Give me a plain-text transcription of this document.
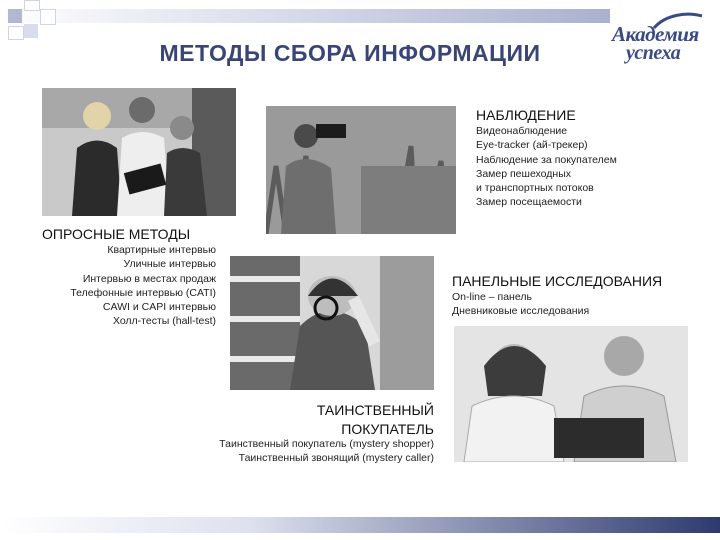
Академия
успеха
МЕТОДЫ СБОРА ИНФОРМАЦИИ
НАБЛЮДЕНИЕ
Видеонаблюдение
Eye-tracker (ай-трекер)
Наблюдение за покупателем
Замер пешеходных
и транспортных потоков
Замер посещаемости
ОПРОСНЫЕ МЕТОДЫ
Квартирные интервью
Уличные интервью
Интервью в местах продаж
Телефонные интервью (CATI)
CAWI и CAPI интервью
Холл-тесты (hall-test)
ПАНЕЛЬНЫЕ ИССЛЕДОВАНИЯ
On-line – панель
Дневниковые исследования
ТАИНСТВЕННЫЙ
ПОКУПАТЕЛЬ
Таинственный покупатель (mystery shopper)
Таинственный звонящий (mystery caller)
